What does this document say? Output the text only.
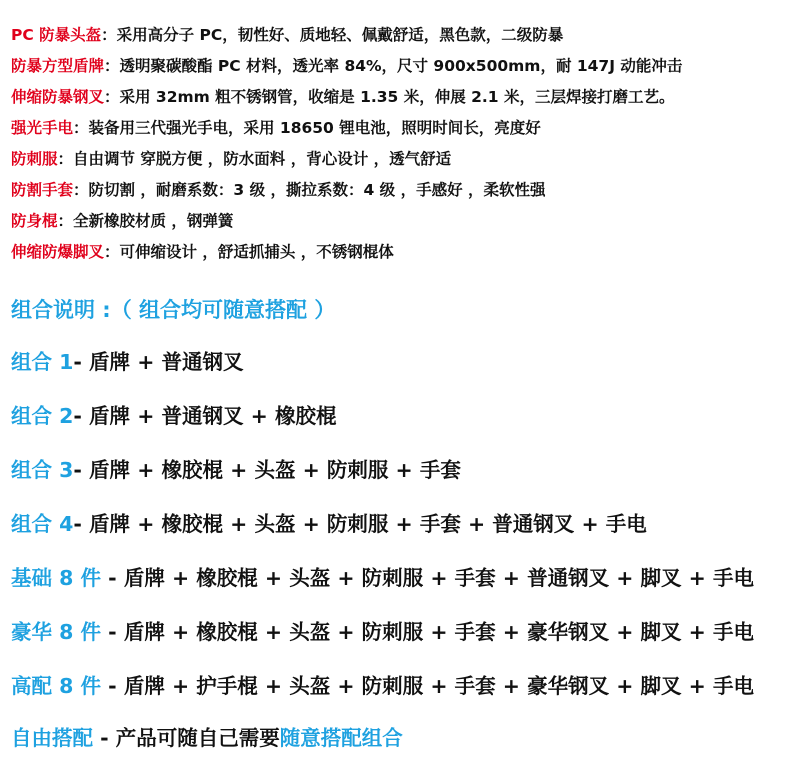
PC 防暴头盔：采用高分子 PC，韧性好、质地轻、佩戴舒适，黑色款，二级防暴
防暴方型盾牌：透明聚碳酸酯 PC 材料，透光率 84%，尺寸 900x500mm，耐 147J 动能冲击
伸缩防暴钢叉：采用 32mm 粗不锈钢管，收缩是 1.35 米，伸展 2.1 米，三层焊接打磨工艺。
强光手电：装备用三代强光手电，采用 18650 锂电池，照明时间长，亮度好
防刺服：自由调节 穿脱方便 ，防水面料 ，背心设计 ，透气舒适
防割手套：防切割 ，耐磨系数：3 级 ，撕拉系数：4 级 ，手感好 ，柔软性强
防身棍：全新橡胶材质 ，钢弹簧
伸缩防爆脚叉：可伸缩设计 ，舒适抓捕头 ，不锈钢棍体
组合说明 :（ 组合均可随意搭配 ）
组合 1- 盾牌 + 普通钢叉
组合 2- 盾牌 + 普通钢叉 + 橡胶棍
组合 3- 盾牌 + 橡胶棍 + 头盔 + 防刺服 + 手套
组合 4- 盾牌 + 橡胶棍 + 头盔 + 防刺服 + 手套 + 普通钢叉 + 手电
基础 8 件 - 盾牌 + 橡胶棍 + 头盔 + 防刺服 + 手套 + 普通钢叉 + 脚叉 + 手电
豪华 8 件 - 盾牌 + 橡胶棍 + 头盔 + 防刺服 + 手套 + 豪华钢叉 + 脚叉 + 手电
高配 8 件 - 盾牌 + 护手棍 + 头盔 + 防刺服 + 手套 + 豪华钢叉 + 脚叉 + 手电
自由搭配 - 产品可随自己需要随意搭配组合
